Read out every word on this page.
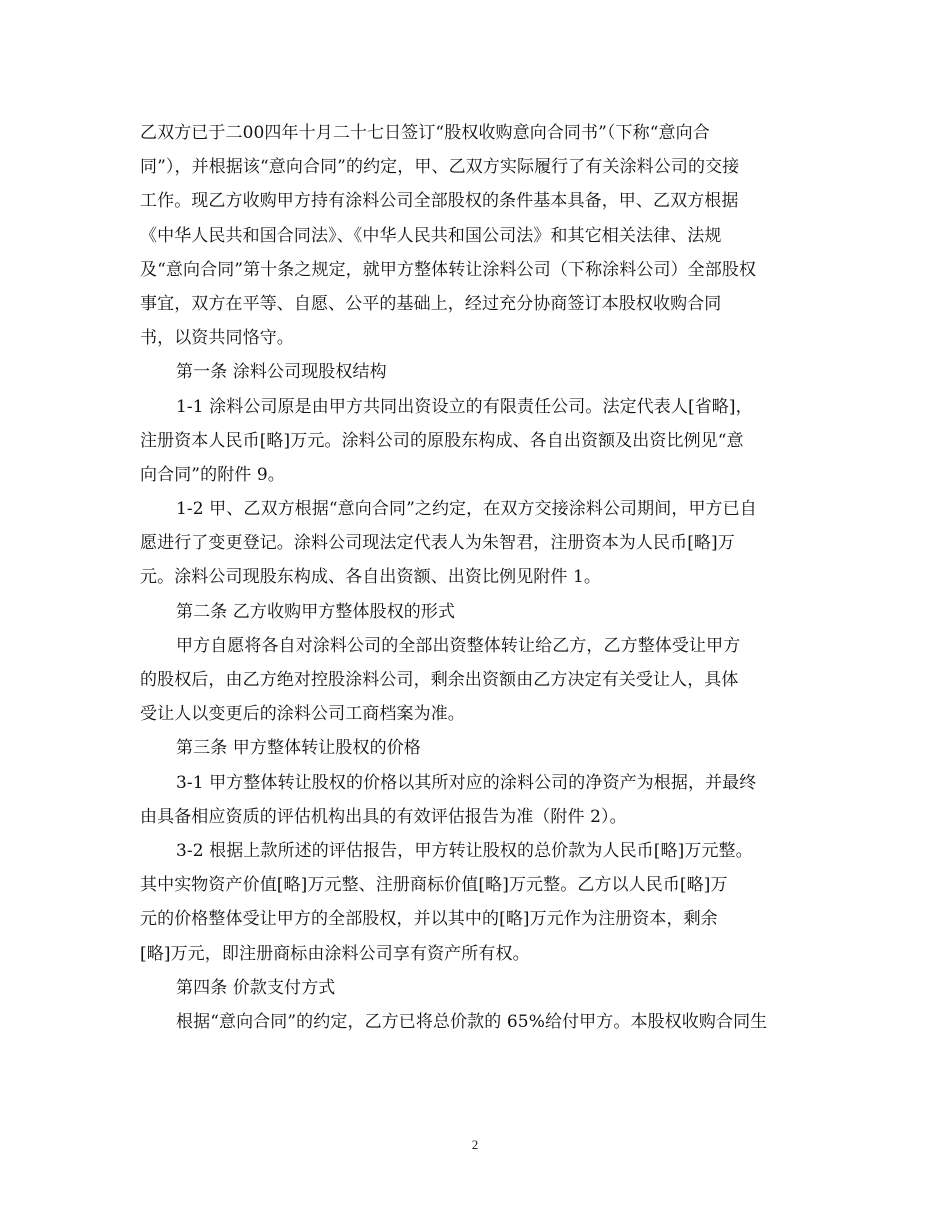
乙双方已于二00四年十月二十七日签订“股权收购意向合同书”（下称“意向合
同”），并根据该“意向合同”的约定，甲、乙双方实际履行了有关涂料公司的交接
工作。现乙方收购甲方持有涂料公司全部股权的条件基本具备，甲、乙双方根据
《中华人民共和国合同法》、《中华人民共和国公司法》和其它相关法律、法规
及“意向合同”第十条之规定，就甲方整体转让涂料公司（下称涂料公司）全部股权
事宜，双方在平等、自愿、公平的基础上，经过充分协商签订本股权收购合同
书，以资共同恪守。
第一条 涂料公司现股权结构
1-1 涂料公司原是由甲方共同出资设立的有限责任公司。法定代表人[省略]，
注册资本人民币[略]万元。涂料公司的原股东构成、各自出资额及出资比例见“意
向合同”的附件 9。
1-2 甲、乙双方根据“意向合同”之约定，在双方交接涂料公司期间，甲方已自
愿进行了变更登记。涂料公司现法定代表人为朱智君，注册资本为人民币[略]万
元。涂料公司现股东构成、各自出资额、出资比例见附件 1。
第二条 乙方收购甲方整体股权的形式
甲方自愿将各自对涂料公司的全部出资整体转让给乙方，乙方整体受让甲方
的股权后，由乙方绝对控股涂料公司，剩余出资额由乙方决定有关受让人，具体
受让人以变更后的涂料公司工商档案为准。
第三条 甲方整体转让股权的价格
3-1 甲方整体转让股权的价格以其所对应的涂料公司的净资产为根据，并最终
由具备相应资质的评估机构出具的有效评估报告为准（附件 2）。
3-2 根据上款所述的评估报告，甲方转让股权的总价款为人民币[略]万元整。
其中实物资产价值[略]万元整、注册商标价值[略]万元整。乙方以人民币[略]万
元的价格整体受让甲方的全部股权，并以其中的[略]万元作为注册资本，剩余
[略]万元，即注册商标由涂料公司享有资产所有权。
第四条 价款支付方式
根据“意向合同”的约定，乙方已将总价款的 65%给付甲方。本股权收购合同生
2
